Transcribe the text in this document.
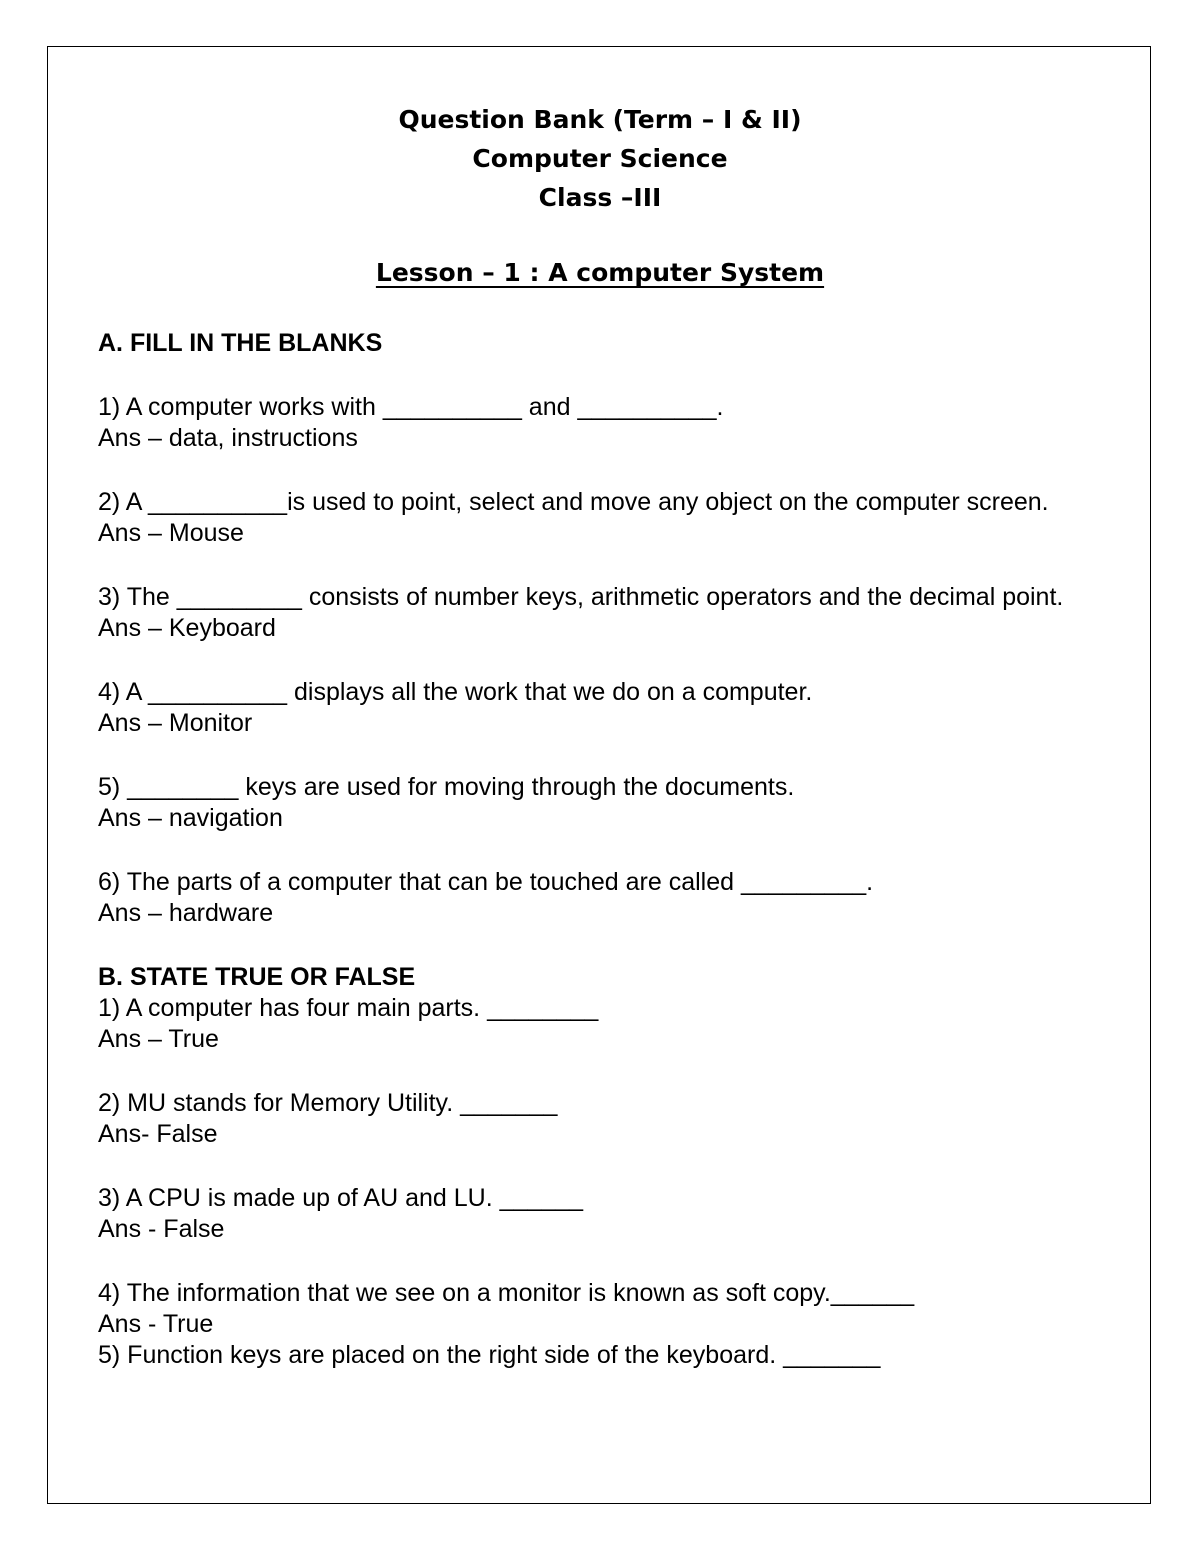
Question Bank (Term – I & II)
Computer Science
Class –III
Lesson – 1 : A computer System
A. FILL IN THE BLANKS
1) A computer works with __________ and __________.
Ans – data, instructions
2) A __________is used to point, select and move any object on the computer screen.
Ans – Mouse
3) The _________ consists of number keys, arithmetic operators and the decimal point.
Ans – Keyboard
4) A __________ displays all the work that we do on a computer.
Ans – Monitor
5) ________ keys are used for moving through the documents.
Ans – navigation
6) The parts of a computer that can be touched are called _________.
Ans – hardware
B. STATE TRUE OR FALSE
1) A computer has four main parts. ________
Ans – True
2) MU stands for Memory Utility. _______
Ans- False
3) A CPU is made up of AU and LU. ______
Ans - False
4) The information that we see on a monitor is known as soft copy.______
Ans - True
5) Function keys are placed on the right side of the keyboard. _______
